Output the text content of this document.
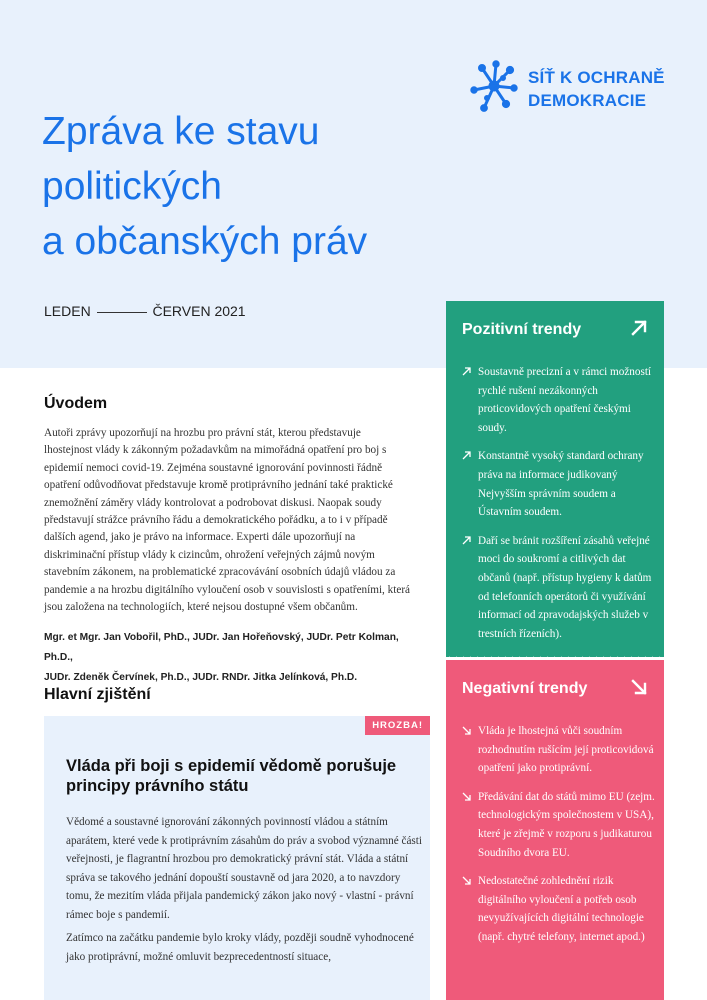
SÍŤ K OCHRANĚ
DEMOKRACIE
Zpráva ke stavu
politických
a občanských práv
LEDEN	ČERVEN 2021
Úvodem
Autoři zprávy upozorňují na hrozbu pro právní stát, kterou představuje lhostejnost vlády k zákonným požadavkům na mimořádná opatření pro boj s epidemií nemoci covid-19. Zejména soustavné ignorování povinnosti řádně opatření odůvodňovat představuje kromě protiprávního jednání také praktické znemožnění záměry vlády kontrolovat a podrobovat diskusi. Naopak soudy představují strážce právního řádu a demokratického pořádku, a to i v případě dalších agend, jako je právo na informace. Experti dále upozorňují na diskriminační přístup vlády k cizincům, ohrožení veřejných zájmů novým stavebním zákonem, na problematické zpracovávání osobních údajů vládou za pandemie a na hrozbu digitálního vyloučení osob v souvislosti s opatřeními, která jsou založena na technologiích, které nejsou dostupné všem občanům.
Mgr. et Mgr. Jan Vobořil, PhD., JUDr. Jan Hořeňovský, JUDr. Petr Kolman, Ph.D.,
JUDr. Zdeněk Červínek, Ph.D., JUDr. RNDr. Jitka Jelínková, Ph.D.
Hlavní zjištění
HROZBA!
Vláda při boji s epidemií vědomě porušuje principy právního státu

Vědomé a soustavné ignorování zákonných povinností vládou a státním aparátem, které vede k protiprávním zásahům do práv a svobod významné části veřejnosti, je flagrantní hrozbou pro demokratický právní stát. Vláda a státní správa se takového jednání dopouští soustavně od jara 2020, a to navzdory tomu, že mezitím vláda přijala pandemický zákon jako nový - vlastní - právní rámec boje s pandemií.

Zatímco na začátku pandemie bylo kroky vlády, později soudně vyhodnocené jako protiprávní, možné omluvit bezprecedentností situace,

Pozitivní trendy
Soustavně precizní a v rámci možností rychlé rušení nezákonných proticovidových opatření českými soudy.
Konstantně vysoký standard ochrany práva na informace judikovaný Nejvyšším správním soudem a Ústavním soudem.
Daří se bránit rozšíření zásahů veřejné moci do soukromí a citlivých dat občanů (např. přístup hygieny k datům od telefonních operátorů či využívání informací od zpravodajských služeb v trestních řízeních).
Negativní trendy
Vláda je lhostejná vůči soudním rozhodnutím rušícím její proticovidová opatření jako protiprávní.
Předávání dat do států mimo EU (zejm. technologickým společnostem v USA), které je zřejmě v rozporu s judikaturou Soudního dvora EU.
Nedostatečné zohlednění rizik digitálního vyloučení a potřeb osob nevyužívajících digitální technologie (např. chytré telefony, internet apod.)
